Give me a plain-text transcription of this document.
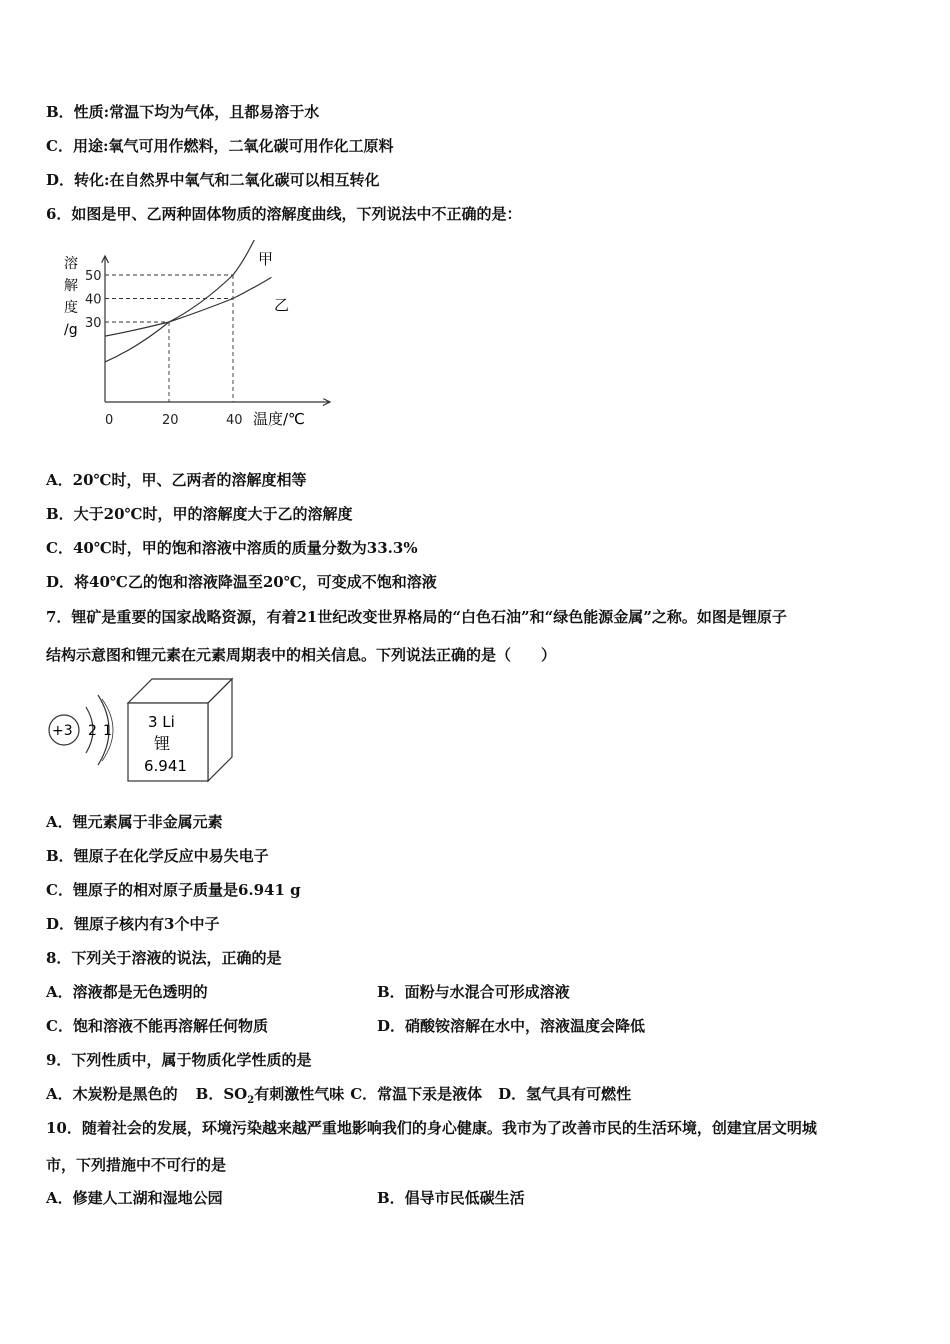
B．性质:常温下均为气体，且都易溶于水
C．用途:氧气可用作燃料，二氧化碳可用作化工原料
D．转化:在自然界中氧气和二氧化碳可以相互转化
6．如图是甲、乙两种固体物质的溶解度曲线，下列说法中不正确的是：
溶
解
度
/g
50
40
30
0	20	40 温度/℃
甲
乙
A．20℃时，甲、乙两者的溶解度相等
B．大于20℃时，甲的溶解度大于乙的溶解度
C．40℃时，甲的饱和溶液中溶质的质量分数为33.3%
D．将40℃乙的饱和溶液降温至20℃，可变成不饱和溶液
7．锂矿是重要的国家战略资源，有着21世纪改变世界格局的“白色石油”和“绿色能源金属”之称。如图是锂原子
结构示意图和锂元素在元素周期表中的相关信息。下列说法正确的是（　　）
+3 2 1 3 Li
锂
6.941
A．锂元素属于非金属元素
B．锂原子在化学反应中易失电子
C．锂原子的相对原子质量是6.941 g
D．锂原子核内有3个中子
8．下列关于溶液的说法，正确的是
A．溶液都是无色透明的	B．面粉与水混合可形成溶液
C．饱和溶液不能再溶解任何物质	D．硝酸铵溶解在水中，溶液温度会降低
9．下列性质中，属于物质化学性质的是
A．木炭粉是黑色的 B．$SO_2$有刺激性气味 C．常温下汞是液体 D．氢气具有可燃性
10．随着社会的发展，环境污染越来越严重地影响我们的身心健康。我市为了改善市民的生活环境，创建宜居文明城
市，下列措施中不可行的是
A．修建人工湖和湿地公园	B．倡导市民低碳生活
